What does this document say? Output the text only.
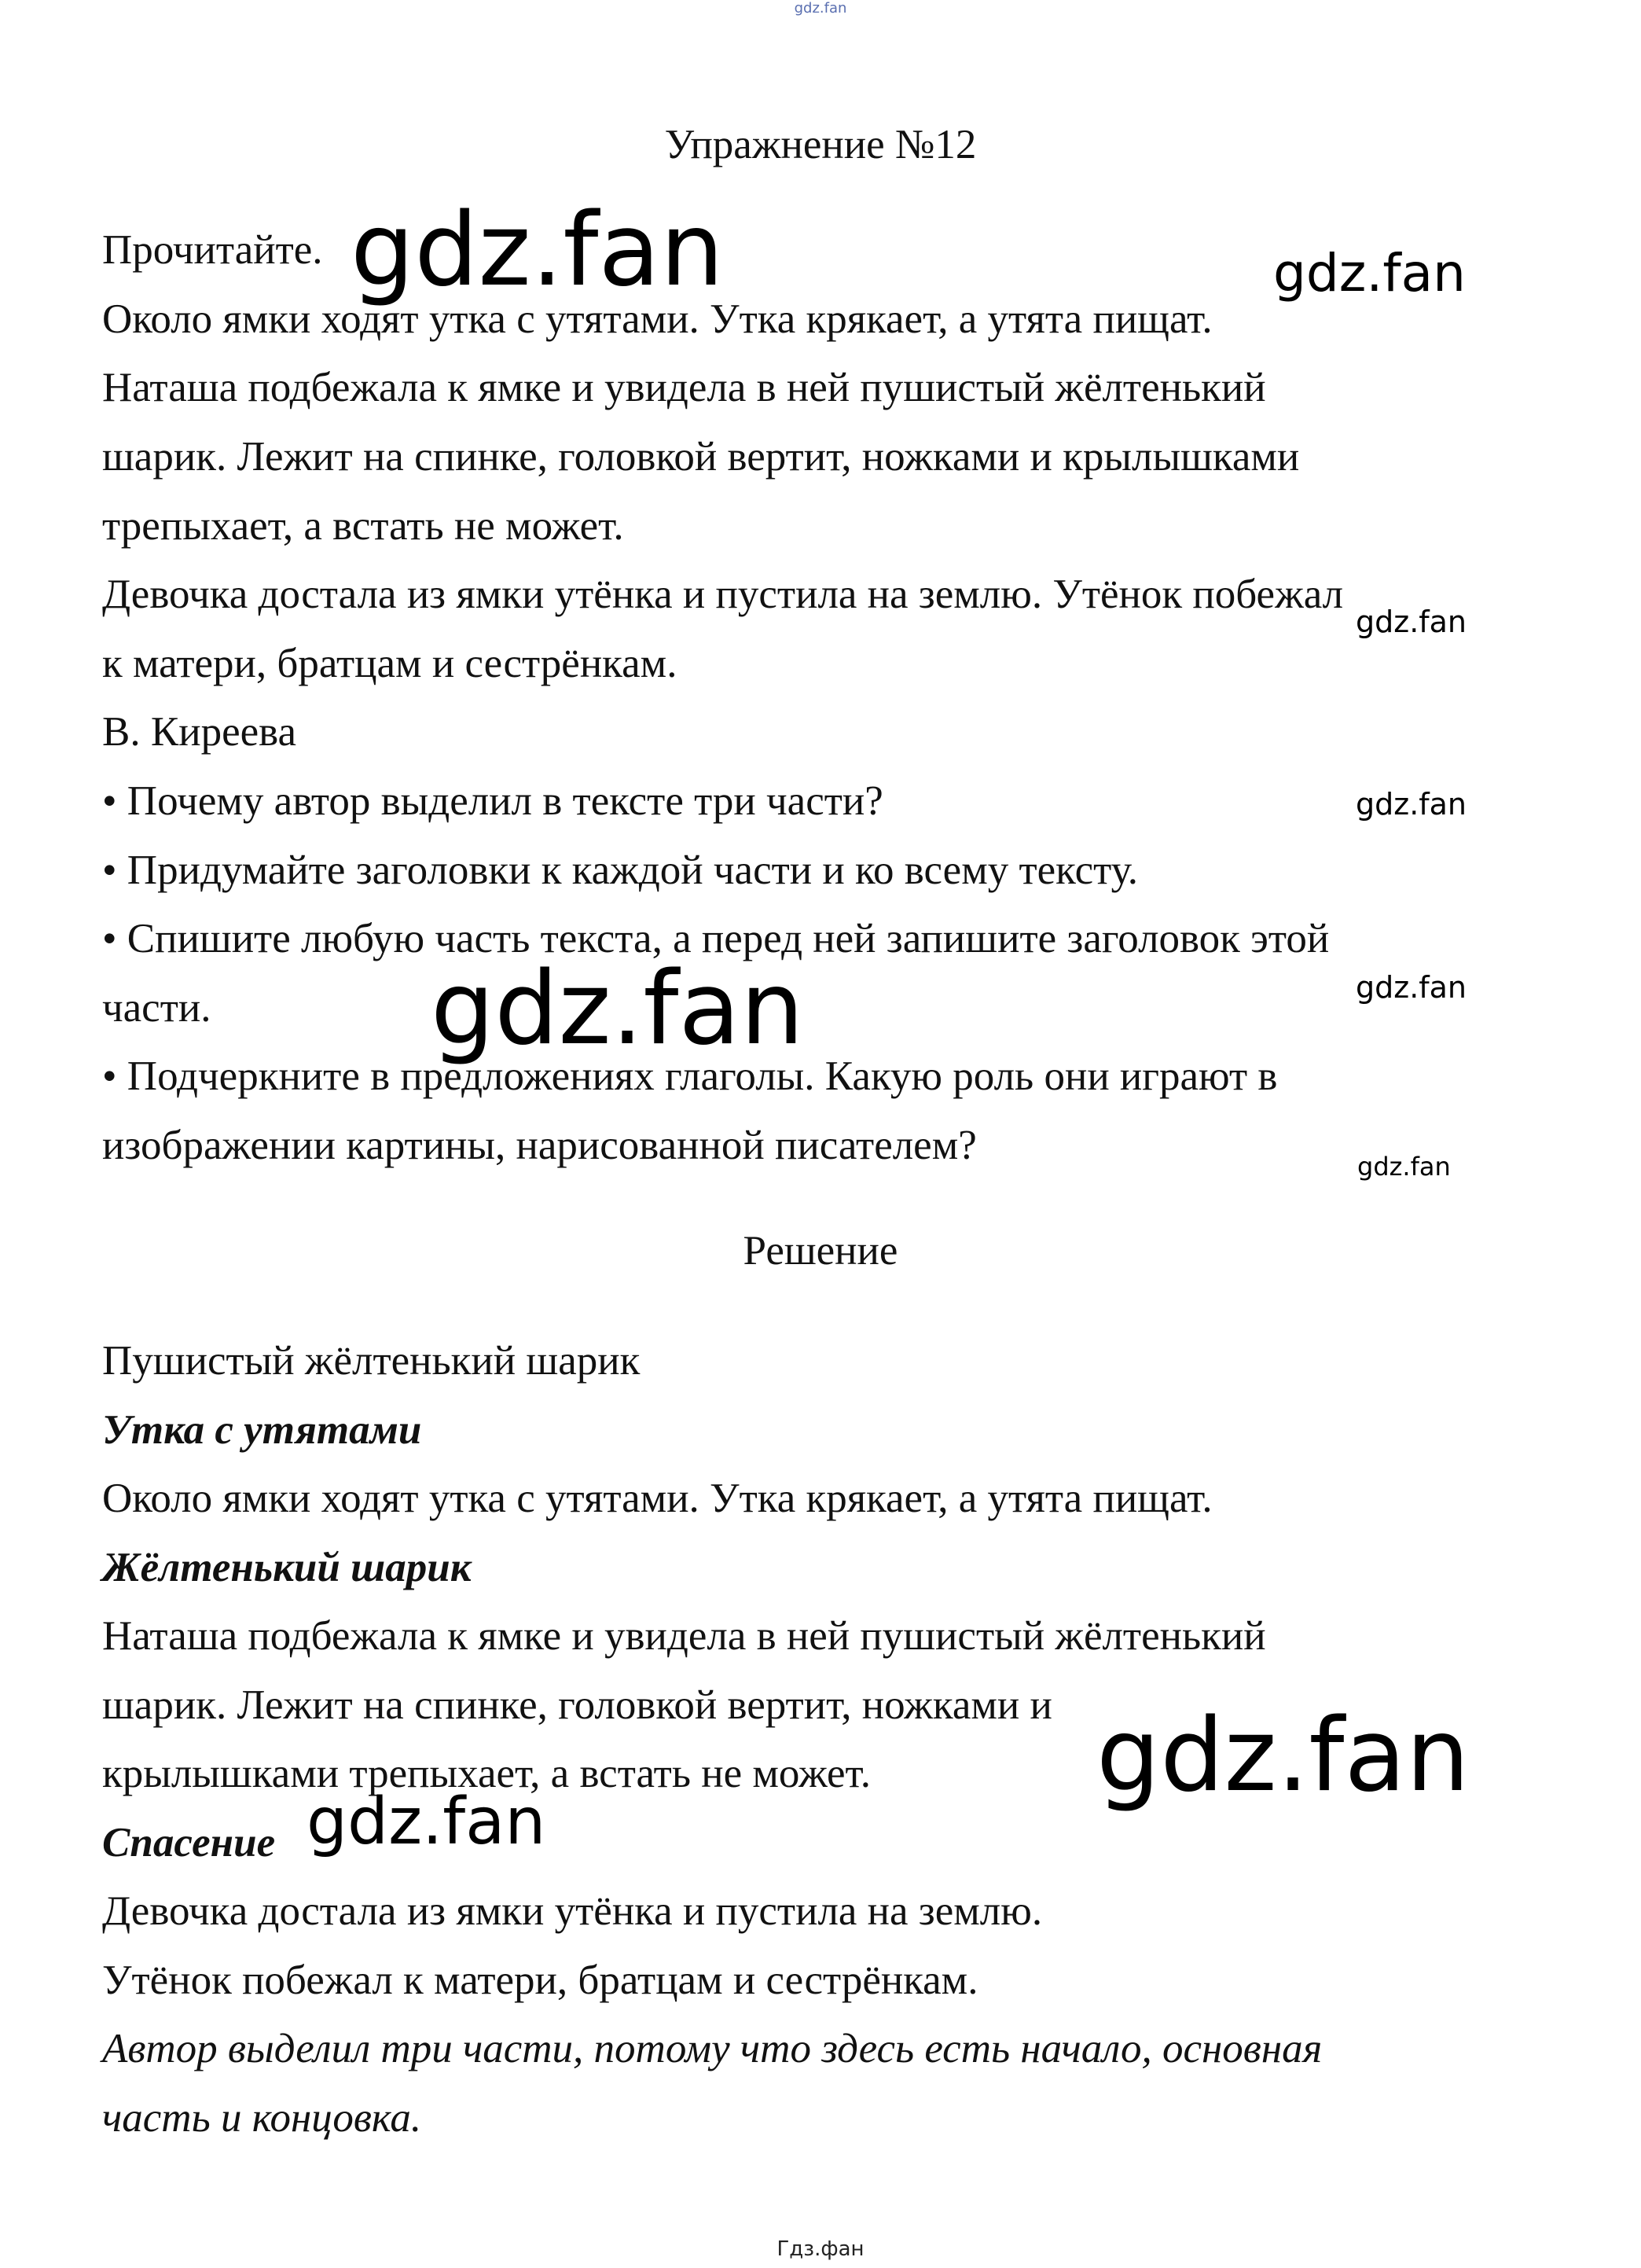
gdz.fan
Упражнение №12
Прочитайте.
Около ямки ходят утка с утятами. Утка крякает, а утята пищат.
Наташа подбежала к ямке и увидела в ней пушистый жёлтенький
шарик. Лежит на спинке, головкой вертит, ножками и крылышками
трепыхает, а встать не может.
Девочка достала из ямки утёнка и пустила на землю. Утёнок побежал
к матери, братцам и сестрёнкам.
В. Киреева
• Почему автор выделил в тексте три части?
• Придумайте заголовки к каждой части и ко всему тексту.
• Спишите любую часть текста, а перед ней запишите заголовок этой
части.
• Подчеркните в предложениях глаголы. Какую роль они играют в
изображении картины, нарисованной писателем?
Решение
Пушистый жёлтенький шарик
Утка с утятами
Около ямки ходят утка с утятами. Утка крякает, а утята пищат.
Жёлтенький шарик
Наташа подбежала к ямке и увидела в ней пушистый жёлтенький
шарик. Лежит на спинке, головкой вертит, ножками и
крылышками трепыхает, а встать не может.
Спасение
Девочка достала из ямки утёнка и пустила на землю.
Утёнок побежал к матери, братцам и сестрёнкам.
Автор выделил три части, потому что здесь есть начало, основная
часть и концовка.
gdz.fan	gdz.fan
gdz.fan
gdz.fan
gdz.fan	gdz.fan
gdz.fan
gdz.fan
gdz.fan
Гдз.фан
